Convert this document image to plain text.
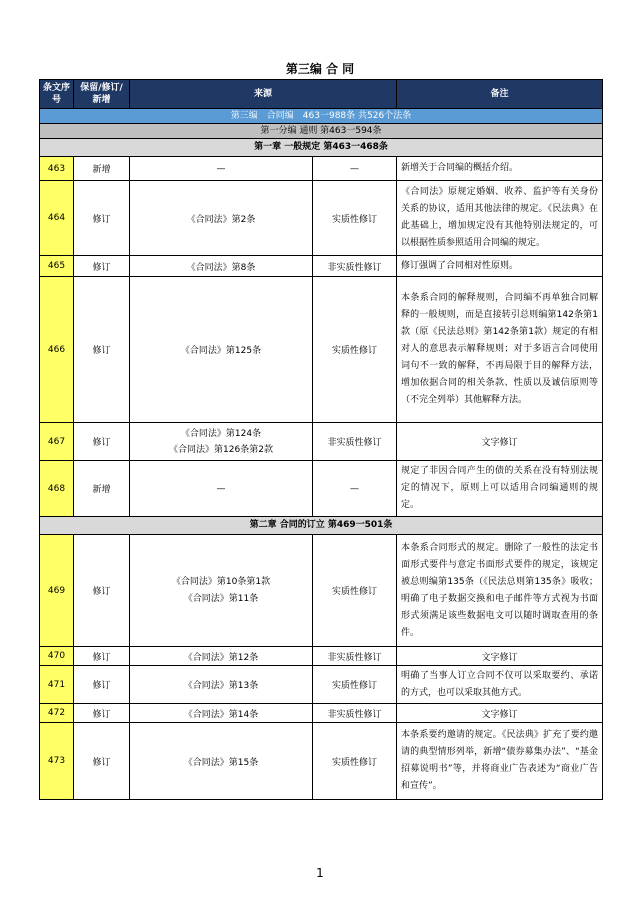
第三编 合 同
条文序号	保留/修订/新增	来源		备注
第三编　合同编　463一988条 共526个法条				
第一分编 通则 第463一594条				
第一章 一般规定 第463一468条				
463	新增	—	—	新增关于合同编的概括介绍。
464	修订	《合同法》第2条	实质性修订	《合同法》原规定婚姻、收养、监护等有关身份关系的协议，适用其他法律的规定。《民法典》在此基础上，增加规定没有其他特别法规定的，可以根据性质参照适用合同编的规定。
465	修订	《合同法》第8条	非实质性修订	修订强调了合同相对性原则。
466	修订	《合同法》第125条	实质性修订	本条系合同的解释规则，合同编不再单独合同解释的一般规则，而是直接转引总则编第142条第1款（原《民法总则》第142条第1款）规定的有相对人的意思表示解释规则；对于多语言合同使用词句不一致的解释，不再局限于目的解释方法，增加依据合同的相关条款、性质以及诚信原则等（不完全列举）其他解释方法。
467	修订	《合同法》第124条
《合同法》第126条第2款	非实质性修订	文字修订
468	新增	—	—	规定了非因合同产生的债的关系在没有特别法规定的情况下，原则上可以适用合同编通则的规定。
第二章 合同的订立 第469一501条				
469	修订	《合同法》第10条第1款
《合同法》第11条	实质性修订	本条系合同形式的规定。删除了一般性的法定书面形式要件与意定书面形式要件的规定，该规定被总则编第135条（《民法总则第135条》吸收；明确了电子数据交换和电子邮件等方式视为书面形式须满足该些数据电文可以随时调取查用的条件。
470	修订	《合同法》第12条	非实质性修订	文字修订
471	修订	《合同法》第13条	实质性修订	明确了当事人订立合同不仅可以采取要约、承诺的方式，也可以采取其他方式。
472	修订	《合同法》第14条	非实质性修订	文字修订
473	修订	《合同法》第15条	实质性修订	本条系要约邀请的规定。《民法典》扩充了要约邀请的典型情形列举，新增“债券募集办法”、“基金招募说明书”等，并将商业广告表述为“商业广告和宣传”。
1
